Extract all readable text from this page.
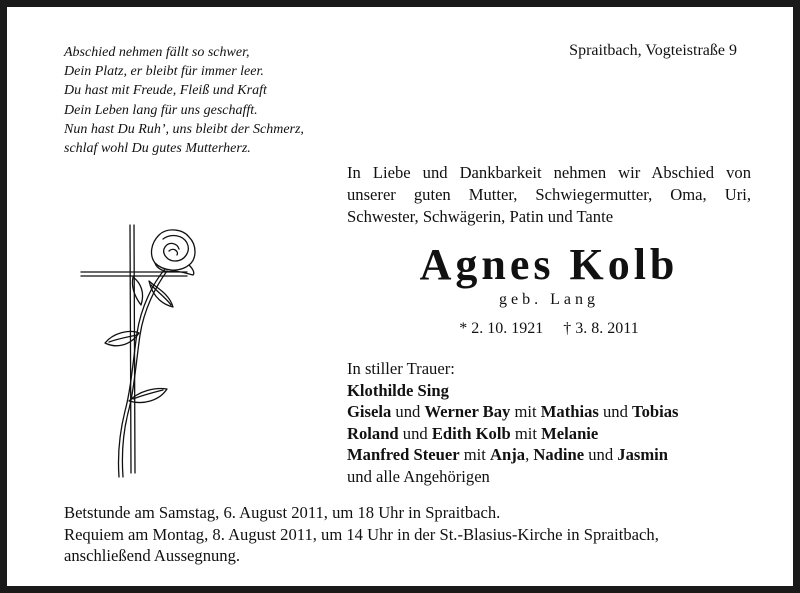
Abschied nehmen fällt so schwer,
Dein Platz, er bleibt für immer leer.
Du hast mit Freude, Fleiß und Kraft
Dein Leben lang für uns geschafft.
Nun hast Du Ruh’, uns bleibt der Schmerz,
schlaf wohl Du gutes Mutterherz.
Spraitbach, Vogteistraße 9
In Liebe und Dankbarkeit nehmen wir Abschied von
unserer guten Mutter, Schwiegermutter, Oma, Uri,
Schwester, Schwägerin, Patin und Tante
Agnes Kolb
geb. Lang
* 2. 10. 1921 † 3. 8. 2011
In stiller Trauer:
Klothilde Sing
Gisela und Werner Bay mit Mathias und Tobias
Roland und Edith Kolb mit Melanie
Manfred Steuer mit Anja, Nadine und Jasmin
und alle Angehörigen
Betstunde am Samstag, 6. August 2011, um 18 Uhr in Spraitbach.
Requiem am Montag, 8. August 2011, um 14 Uhr in der St.-Blasius-Kirche in Spraitbach,
anschließend Aussegnung.
